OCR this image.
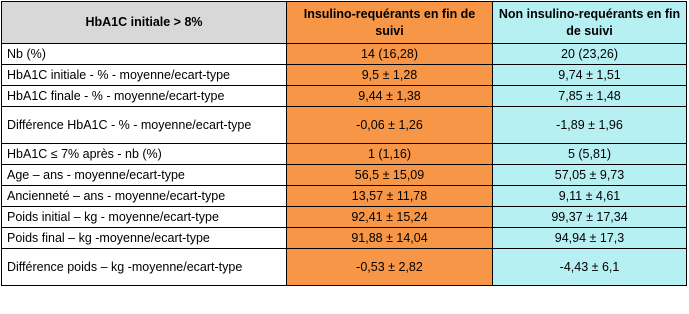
HbA1C initiale > 8%	Insulino-requérants en fin de suivi	Non insulino-requérants en fin de suivi
Nb (%)	14 (16,28)	20 (23,26)
HbA1C initiale - % - moyenne/ecart-type	9,5 ± 1,28	9,74 ± 1,51
HbA1C finale - % - moyenne/ecart-type	9,44 ± 1,38	7,85 ± 1,48
Différence HbA1C - % - moyenne/ecart-type	-0,06 ± 1,26	-1,89 ± 1,96
HbA1C ≤ 7% après - nb (%)	1 (1,16)	5 (5,81)
Age – ans - moyenne/ecart-type	56,5 ± 15,09	57,05 ± 9,73
Ancienneté – ans - moyenne/ecart-type	13,57 ± 11,78	9,11 ± 4,61
Poids initial – kg - moyenne/ecart-type	92,41 ± 15,24	99,37 ± 17,34
Poids final – kg -moyenne/ecart-type	91,88 ± 14,04	94,94 ± 17,3
Différence poids – kg -moyenne/ecart-type	-0,53 ± 2,82	-4,43 ± 6,1
